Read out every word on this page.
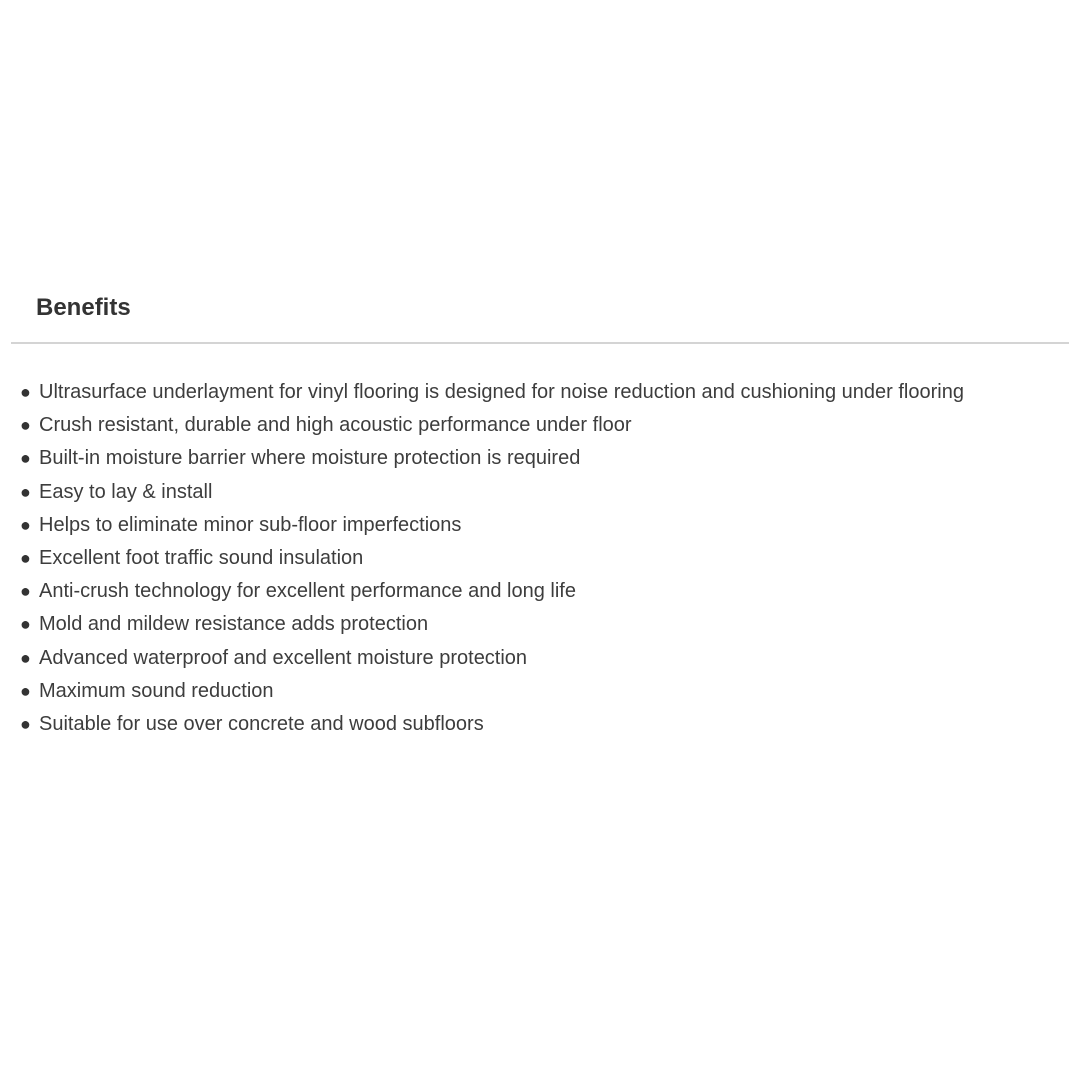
Benefits
● Ultrasurface underlayment for vinyl flooring is designed for noise reduction and cushioning under flooring
● Crush resistant, durable and high acoustic performance under floor
● Built-in moisture barrier where moisture protection is required
● Easy to lay & install
● Helps to eliminate minor sub-floor imperfections
● Excellent foot traffic sound insulation
● Anti-crush technology for excellent performance and long life
● Mold and mildew resistance adds protection
● Advanced waterproof and excellent moisture protection
● Maximum sound reduction
● Suitable for use over concrete and wood subfloors
